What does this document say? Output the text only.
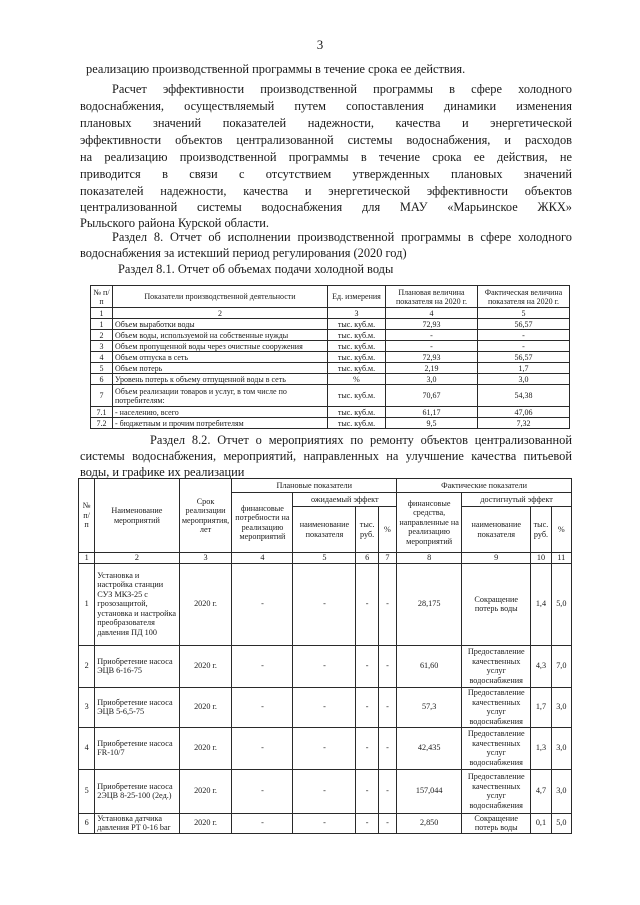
3
реализацию производственной программы в течение срока ее действия.
Расчет эффективности производственной программы в сфере холодного
водоснабжения, осуществляемый путем сопоставления динамики изменения
плановых значений показателей надежности, качества и энергетической
эффективности объектов централизованной системы водоснабжения, и расходов
на реализацию производственной программы в течение срока ее действия, не
приводится в связи с отсутствием утвержденных плановых значений
показателей надежности, качества и энергетической эффективности объектов
централизованной системы водоснабжения для МАУ «Марьинское ЖКХ»
Рыльского района Курской области.
Раздел 8. Отчет об исполнении производственной программы в сфере холодного
водоснабжения за истекший период регулирования (2020 год)
Раздел 8.1. Отчет об объемах подачи холодной воды
№ п/п	Показатели производственной деятельности	Ед. измерения	Плановая величина показателя на 2020 г.	Фактическая величина показателя на 2020 г.
1	2	3	4	5
1	Объем выработки воды	тыс. куб.м.	72,93	56,57
2	Объем воды, используемой на собственные нужды	тыс. куб.м.	-	-
3	Объем пропущенной воды через очистные сооружения	тыс. куб.м.	-	-
4	Объем отпуска в сеть	тыс. куб.м.	72,93	56,57
5	Объем потерь	тыс. куб.м.	2,19	1,7
6	Уровень потерь к объему отпущенной воды в сеть	%	3,0	3,0
7	Объем реализации товаров и услуг, в том числе по потребителям:	тыс. куб.м.	70,67	54,38
7.1	- населению, всего	тыс. куб.м.	61,17	47,06
7.2	- бюджетным и прочим потребителям	тыс. куб.м.	9,5	7,32
Раздел 8.2. Отчет о мероприятиях по ремонту объектов централизованной
системы водоснабжения, мероприятий, направленных на улучшение качества питьевой
воды, и графике их реализации
№ п/ п	Наименование мероприятий	Срок реализации мероприятия, лет	Плановые показатели				Фактические показатели			
			финансовые потребности на реализацию мероприятий	ожидаемый эффект			финансовые средства, направленные на реализацию мероприятий	достигнутый эффект		
				наименование показателя	тыс. руб.	%		наименование показателя	тыс. руб.	%
1	2	3	4	5	6	7	8	9	10	11
1	Установка и настройка станции СУЗ МКЗ-25 с грозозащитой, установка и настройка преобразователя давления ПД 100	2020 г.	-	-	-	-	28,175	Сокращение потерь воды	1,4	5,0
2	Приобретение насоса ЭЦВ 6-16-75	2020 г.	-	-	-	-	61,60	Предоставление качественных услуг водоснабжения	4,3	7,0
3	Приобретение насоса ЭЦВ 5-6,5-75	2020 г.	-	-	-	-	57,3	Предоставление качественных услуг водоснабжения	1,7	3,0
4	Приобретение насоса FR-10/7	2020 г.	-	-	-	-	42,435	Предоставление качественных услуг водоснабжения	1,3	3,0
5	Приобретение насоса 2ЭЦВ 8-25-100 (2ед.)	2020 г.	-	-	-	-	157,044	Предоставление качественных услуг водоснабжения	4,7	3,0
6	Установка датчика давления РТ 0-16 bar	2020 г.	-	-	-	-	2,850	Сокращение потерь воды	0,1	5,0
